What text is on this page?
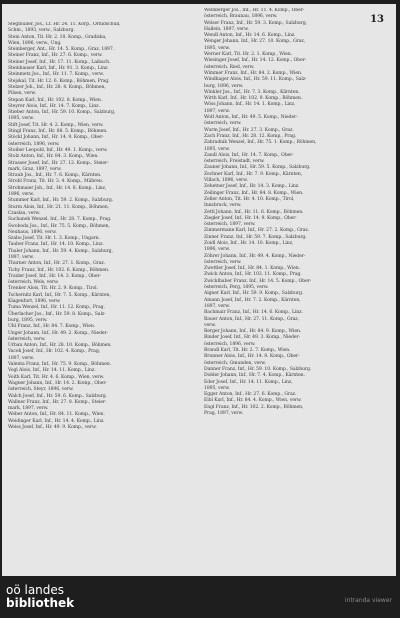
13
Stegmüller, Jos., Lt. Hr. 24. 11. Korp., Orhidschull,
Schm., 1893, verw., Salzburg.
Stein Anton, Tit. Hr. 2. 10. Komp., Gradiska,
Wien, 1896, verw., Ung.
Steinberger, Ant., Hr. 14. 5. Komp., Graz, 1897.
Steiner Franz, Inf., Hr. 27. 6. Komp., verw.
Steiner Josef, Inf., Hr. 17. 11. Komp., Laibach.
Steinhauser Karl, Inf., Hr. 91. 3. Komp., Linz.
Steinmetz Jos., Inf., Hr. 11. 7. Komp., verw.
Stejskal, Tit. Hr. 12. 6. Komp., Böhmen, Prag.
Stelzer Joh., Inf., Hr. 28. 4. Komp., Böhmen,
Pilsen, verw.
Stepan Karl, Inf., Hr. 102. 8. Komp., Wien.
Steyrer Alois, Inf., Hr. 14. 7. Komp., Linz.
Stieber Anton, Inf., Hr. 59. 10. Komp., Salzburg,
1895, verw.
Stift Josef, Tit. Hr. 4. 2. Komp., Wien, verw.
Stingl Franz, Inf., Hr. 88. 5. Komp., Böhmen.
Stöckl Johann, Inf., Hr. 14. 9. Komp., Ober-
österreich, 1896, verw.
Stoiber Leopold, Inf., Hr. 49. 1. Komp., verw.
Stolz Anton, Inf., Hr. 84. 3. Komp., Wien.
Strasser Josef, Inf., Hr. 27. 12. Komp., Steier-
mark, Graz, 1897, verw.
Straub Jos., Inf., Hr. 7. 6. Komp., Kärnten.
Strobl Franz, Tit. Hr. 3. 4. Komp., Mähren.
Strohmaier Joh., Inf., Hr. 14. 8. Komp., Linz,
1896, verw.
Stummer Karl, Inf., Hr. 59. 2. Komp., Salzburg.
Sturm Alois, Inf., Hr. 21. 11. Komp., Böhmen,
Czaslau, verw.
Suchanek Wenzel, Inf., Hr. 28. 7. Komp., Prag.
Swoboda Jos., Inf., Hr. 75. 5. Komp., Böhmen,
Neuhaus, 1896, verw.
Szabo Josef, Tit. Hr. 1. 3. Komp., Ungarn.
Tauber Franz, Inf., Hr. 14. 10. Komp., Linz.
Thaler Johann, Inf., Hr. 59. 4. Komp., Salzburg,
1897, verw.
Thurner Anton, Inf., Hr. 27. 1. Komp., Graz.
Tichy Franz, Inf., Hr. 102. 6. Komp., Böhmen.
Traxler Josef, Inf., Hr. 14. 3. Komp., Ober-
österreich, Wels, verw.
Trenker Alois, Tit. Hr. 2. 9. Komp., Tirol.
Tschernitz Karl, Inf., Hr. 7. 5. Komp., Kärnten,
Klagenfurt, 1896, verw.
Tuma Wenzel, Inf., Hr. 11. 12. Komp., Prag.
Überlacher Jos., Inf., Hr. 59. 8. Komp., Salz-
burg, 1895, verw.
Uhl Franz, Inf., Hr. 84. 7. Komp., Wien.
Unger Johann, Inf., Hr. 49. 2. Komp., Nieder-
österreich, verw.
Urban Anton, Inf., Hr. 28. 10. Komp., Böhmen.
Vacek Josef, Inf., Hr. 102. 4. Komp., Prag,
1897, verw.
Valenta Franz, Inf., Hr. 75. 9. Komp., Böhmen.
Vogl Alois, Inf., Hr. 14. 11. Komp., Linz.
Voith Karl, Tit. Hr. 4. 6. Komp., Wien, verw.
Wagner Johann, Inf., Hr. 14. 2. Komp., Ober-
österreich, Steyr, 1896, verw.
Walch Josef, Inf., Hr. 59. 6. Komp., Salzburg.
Wallner Franz, Inf., Hr. 27. 8. Komp., Steier-
mark, 1897, verw.
Weber Anton, Inf., Hr. 84. 11. Komp., Wien.
Weidinger Karl, Inf., Hr. 14. 4. Komp., Linz.
Weiss Josef, Inf., Hr. 49. 9. Komp., verw.
Weinberger Jos., Inf., Hr. 11. 4. Komp., Ober-
österreich, Braunau, 1896, verw.
Welser Franz, Inf., Hr. 59. 3. Komp., Salzburg,
Hallein, 1897, verw.
Wendl Anton, Inf., Hr. 14. 6. Komp., Linz.
Wenger Johann, Inf., Hr. 27. 10. Komp., Graz,
1895, verw.
Werner Karl, Tit. Hr. 2. 1. Komp., Wien.
Wiesinger Josef, Inf., Hr. 14. 12. Komp., Ober-
österreich, Ried, verw.
Wimmer Franz, Inf., Hr. 84. 2. Komp., Wien.
Windhager Alois, Inf., Hr. 59. 11. Komp., Salz-
burg, 1896, verw.
Winkler Jos., Inf., Hr. 7. 3. Komp., Kärnten.
Wirth Karl, Inf., Hr. 102. 9. Komp., Böhmen.
Wöss Johann, Inf., Hr. 14. 1. Komp., Linz,
1897, verw.
Wolf Anton, Inf., Hr. 49. 5. Komp., Nieder-
österreich, verw.
Wurm Josef, Inf., Hr. 27. 3. Komp., Graz.
Zach Franz, Inf., Hr. 28. 12. Komp., Prag.
Zahradnik Wenzel, Inf., Hr. 75. 1. Komp., Böhmen,
1895, verw.
Zandl Alois, Inf., Hr. 14. 7. Komp., Ober-
österreich, Freistadt, verw.
Zauner Johann, Inf., Hr. 59. 5. Komp., Salzburg.
Zechner Karl, Inf., Hr. 7. 9. Komp., Kärnten,
Villach, 1896, verw.
Zehetner Josef, Inf., Hr. 14. 3. Komp., Linz.
Zeilinger Franz, Inf., Hr. 84. 8. Komp., Wien.
Zeller Anton, Tit. Hr. 4. 10. Komp., Tirol,
Innsbruck, verw.
Zettl Johann, Inf., Hr. 11. 6. Komp., Böhmen.
Ziegler Josef, Inf., Hr. 14. 9. Komp., Ober-
österreich, 1897, verw.
Zimmermann Karl, Inf., Hr. 27. 2. Komp., Graz.
Zinner Franz, Inf., Hr. 59. 7. Komp., Salzburg.
Zoidl Alois, Inf., Hr. 14. 10. Komp., Linz,
1896, verw.
Zöhrer Johann, Inf., Hr. 49. 4. Komp., Nieder-
österreich, verw.
Zwettler Josef, Inf., Hr. 84. 1. Komp., Wien.
Zwick Anton, Inf., Hr. 102. 11. Komp., Prag.
Zwicklhuber Franz, Inf., Hr. 14. 5. Komp., Ober-
österreich, Perg, 1895, verw.
Aigner Karl, Inf., Hr. 59. 9. Komp., Salzburg.
Amann Josef, Inf., Hr. 7. 2. Komp., Kärnten,
1897, verw.
Bachmair Franz, Inf., Hr. 14. 6. Komp., Linz.
Bauer Anton, Inf., Hr. 27. 11. Komp., Graz,
verw.
Berger Johann, Inf., Hr. 84. 9. Komp., Wien.
Binder Josef, Inf., Hr. 49. 3. Komp., Nieder-
österreich, 1896, verw.
Brandl Karl, Tit. Hr. 2. 7. Komp., Wien.
Brunner Alois, Inf., Hr. 14. 8. Komp., Ober-
österreich, Gmunden, verw.
Danner Franz, Inf., Hr. 59. 10. Komp., Salzburg.
Dobler Johann, Inf., Hr. 7. 4. Komp., Kärnten.
Eder Josef, Inf., Hr. 14. 11. Komp., Linz,
1895, verw.
Egger Anton, Inf., Hr. 27. 6. Komp., Graz.
Eibl Karl, Inf., Hr. 84. 4. Komp., Wien, verw.
Engl Franz, Inf., Hr. 102. 2. Komp., Böhmen,
Prag, 1897, verw.
oö landes
bibliothek	intranda viewer
